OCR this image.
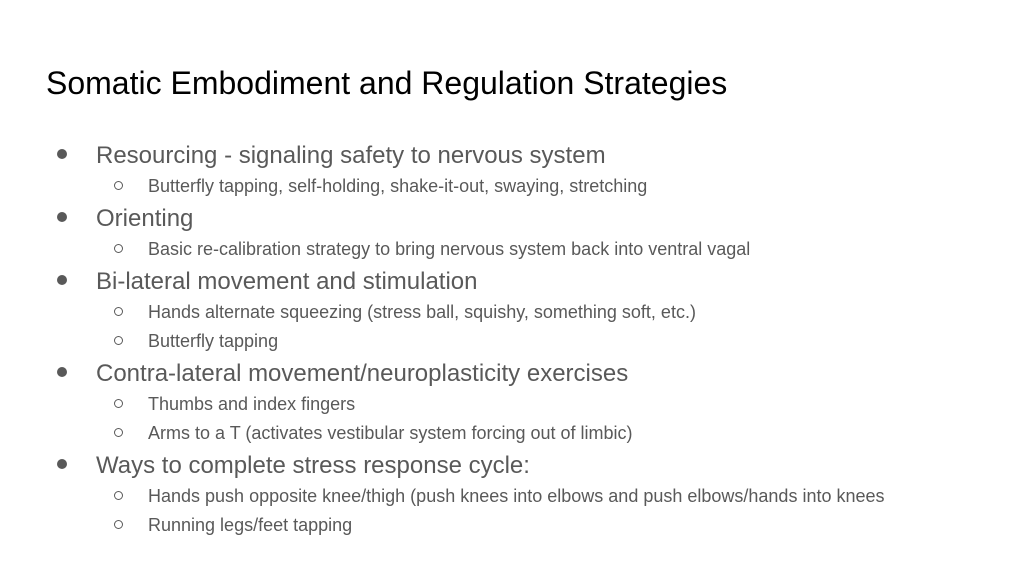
Somatic Embodiment and Regulation Strategies
Resourcing - signaling safety to nervous system
Butterfly tapping, self-holding, shake-it-out, swaying, stretching
Orienting
Basic re-calibration strategy to bring nervous system back into ventral vagal
Bi-lateral movement and stimulation
Hands alternate squeezing (stress ball, squishy, something soft, etc.)
Butterfly tapping
Contra-lateral movement/neuroplasticity exercises
Thumbs and index fingers
Arms to a T (activates vestibular system forcing out of limbic)
Ways to complete stress response cycle:
Hands push opposite knee/thigh (push knees into elbows and push elbows/hands into knees
Running legs/feet tapping
